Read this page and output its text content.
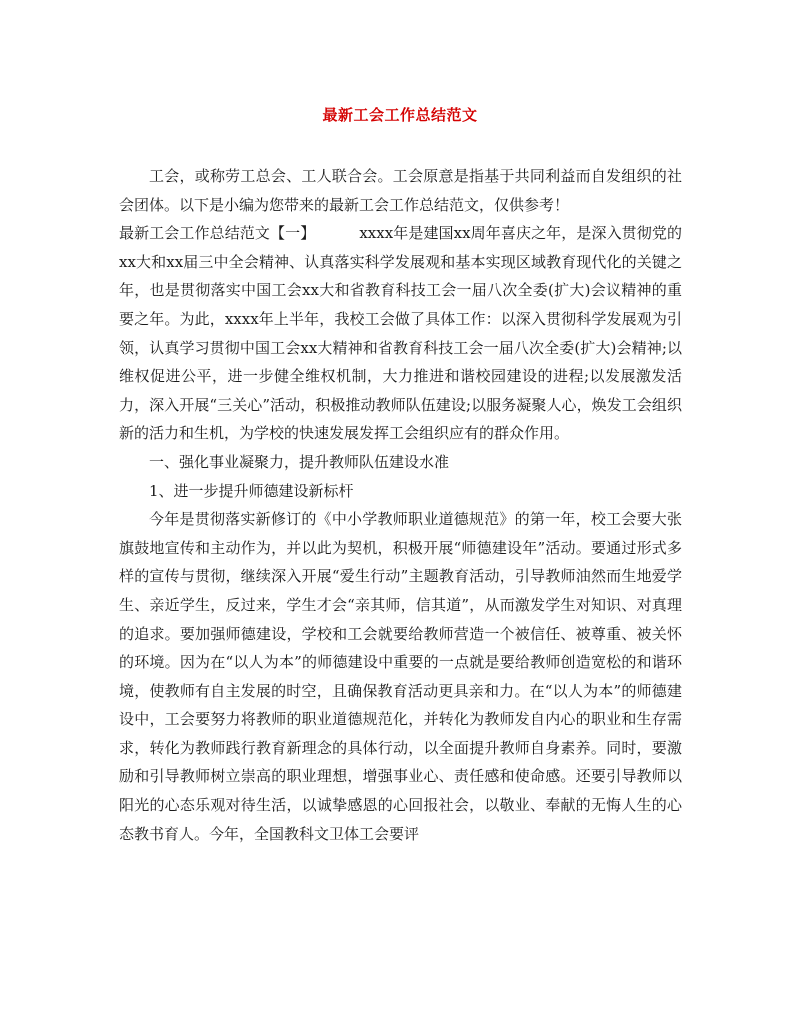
最新工会工作总结范文

工会，或称劳工总会、工人联合会。工会原意是指基于共同利益而自发组织的社会团体。以下是小编为您带来的最新工会工作总结范文，仅供参考！

最新工会工作总结范文【一】	xxxx年是建国xx周年喜庆之年，是深入贯彻党的xx大和xx届三中全会精神、认真落实科学发展观和基本实现区域教育现代化的关键之年，也是贯彻落实中国工会xx大和省教育科技工会一届八次全委(扩大)会议精神的重要之年。为此，xxxx年上半年，我校工会做了具体工作：以深入贯彻科学发展观为引领，认真学习贯彻中国工会xx大精神和省教育科技工会一届八次全委(扩大)会精神;以维权促进公平，进一步健全维权机制，大力推进和谐校园建设的进程;以发展激发活力，深入开展“三关心”活动，积极推动教师队伍建设;以服务凝聚人心，焕发工会组织新的活力和生机，为学校的快速发展发挥工会组织应有的群众作用。

一、强化事业凝聚力，提升教师队伍建设水准

1、进一步提升师德建设新标杆

今年是贯彻落实新修订的《中小学教师职业道德规范》的第一年，校工会要大张旗鼓地宣传和主动作为，并以此为契机，积极开展“师德建设年”活动。要通过形式多样的宣传与贯彻，继续深入开展“爱生行动”主题教育活动，引导教师油然而生地爱学生、亲近学生，反过来，学生才会“亲其师，信其道”，从而激发学生对知识、对真理的追求。要加强师德建设，学校和工会就要给教师营造一个被信任、被尊重、被关怀的环境。因为在“以人为本”的师德建设中重要的一点就是要给教师创造宽松的和谐环境，使教师有自主发展的时空，且确保教育活动更具亲和力。在“以人为本”的师德建设中，工会要努力将教师的职业道德规范化，并转化为教师发自内心的职业和生存需求，转化为教师践行教育新理念的具体行动，以全面提升教师自身素养。同时，要激励和引导教师树立崇高的职业理想，增强事业心、责任感和使命感。还要引导教师以阳光的心态乐观对待生活，以诚挚感恩的心回报社会，以敬业、奉献的无悔人生的心态教书育人。今年，全国教科文卫体工会要评
